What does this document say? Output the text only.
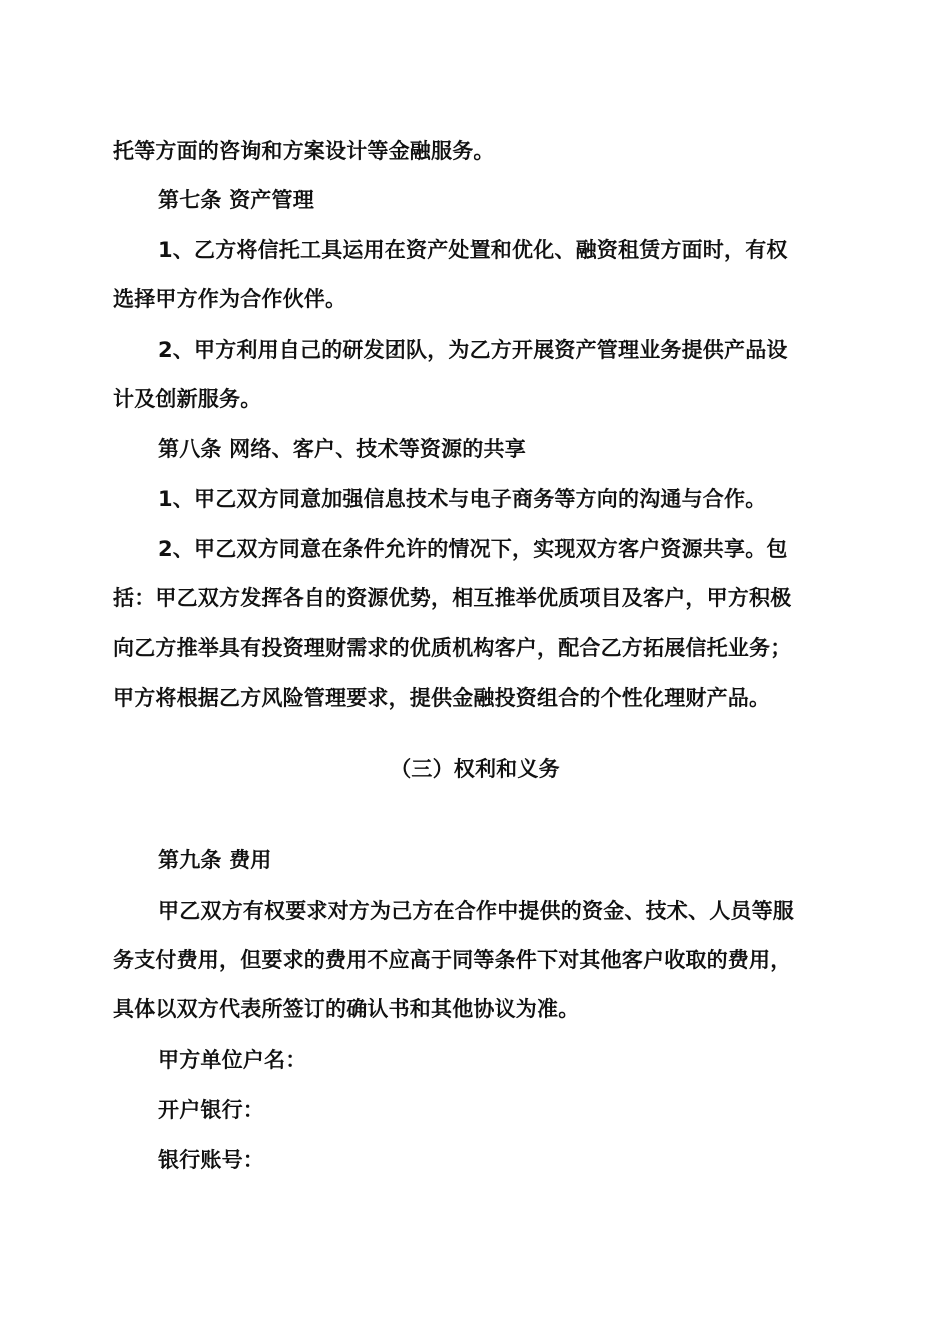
托等方面的咨询和方案设计等金融服务。
第七条 资产管理
1、乙方将信托工具运用在资产处置和优化、融资租赁方面时，有权
选择甲方作为合作伙伴。
2、甲方利用自己的研发团队，为乙方开展资产管理业务提供产品设
计及创新服务。
第八条 网络、客户、技术等资源的共享
1、甲乙双方同意加强信息技术与电子商务等方向的沟通与合作。
2、甲乙双方同意在条件允许的情况下，实现双方客户资源共享。包
括：甲乙双方发挥各自的资源优势，相互推举优质项目及客户，甲方积极
向乙方推举具有投资理财需求的优质机构客户，配合乙方拓展信托业务；
甲方将根据乙方风险管理要求，提供金融投资组合的个性化理财产品。
（三）权利和义务
第九条 费用
甲乙双方有权要求对方为己方在合作中提供的资金、技术、人员等服
务支付费用，但要求的费用不应高于同等条件下对其他客户收取的费用，
具体以双方代表所签订的确认书和其他协议为准。
甲方单位户名：
开户银行：
银行账号：
